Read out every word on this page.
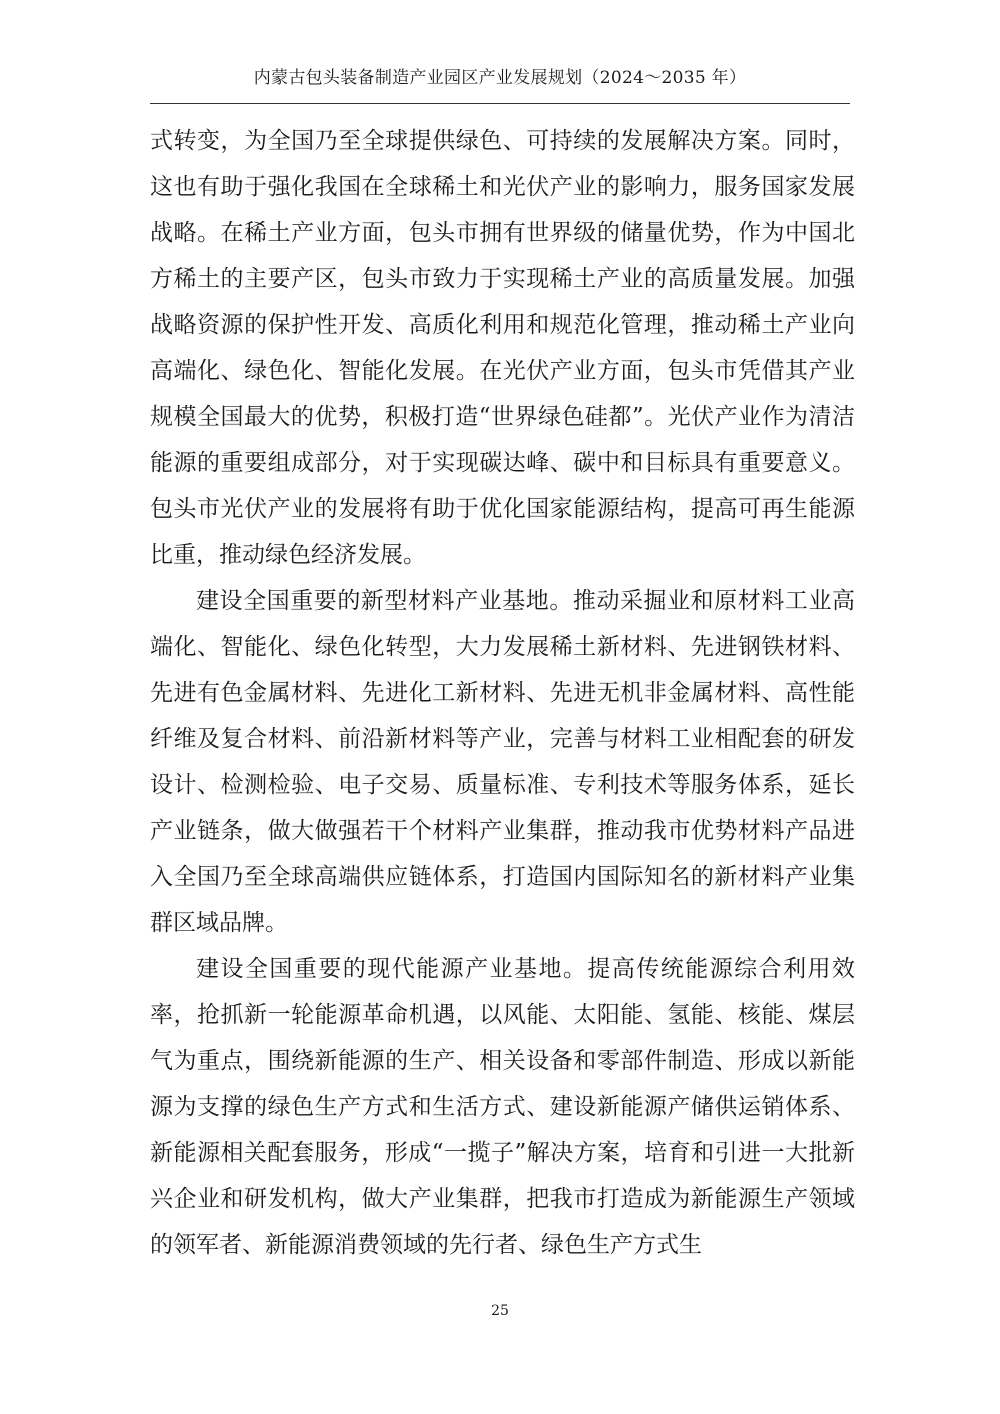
内蒙古包头装备制造产业园区产业发展规划（2024～2035 年）

式转变，为全国乃至全球提供绿色、可持续的发展解决方案。同时，这也有助于强化我国在全球稀土和光伏产业的影响力，服务国家发展战略。在稀土产业方面，包头市拥有世界级的储量优势，作为中国北方稀土的主要产区，包头市致力于实现稀土产业的高质量发展。加强战略资源的保护性开发、高质化利用和规范化管理，推动稀土产业向高端化、绿色化、智能化发展。在光伏产业方面，包头市凭借其产业规模全国最大的优势，积极打造“世界绿色硅都”。光伏产业作为清洁能源的重要组成部分，对于实现碳达峰、碳中和目标具有重要意义。包头市光伏产业的发展将有助于优化国家能源结构，提高可再生能源比重，推动绿色经济发展。

建设全国重要的新型材料产业基地。推动采掘业和原材料工业高端化、智能化、绿色化转型，大力发展稀土新材料、先进钢铁材料、先进有色金属材料、先进化工新材料、先进无机非金属材料、高性能纤维及复合材料、前沿新材料等产业，完善与材料工业相配套的研发设计、检测检验、电子交易、质量标准、专利技术等服务体系，延长产业链条，做大做强若干个材料产业集群，推动我市优势材料产品进入全国乃至全球高端供应链体系，打造国内国际知名的新材料产业集群区域品牌。

建设全国重要的现代能源产业基地。提高传统能源综合利用效率，抢抓新一轮能源革命机遇，以风能、太阳能、氢能、核能、煤层气为重点，围绕新能源的生产、相关设备和零部件制造、形成以新能源为支撑的绿色生产方式和生活方式、建设新能源产储供运销体系、新能源相关配套服务，形成“一揽子”解决方案，培育和引进一大批新兴企业和研发机构，做大产业集群，把我市打造成为新能源生产领域的领军者、新能源消费领域的先行者、绿色生产方式生

25
